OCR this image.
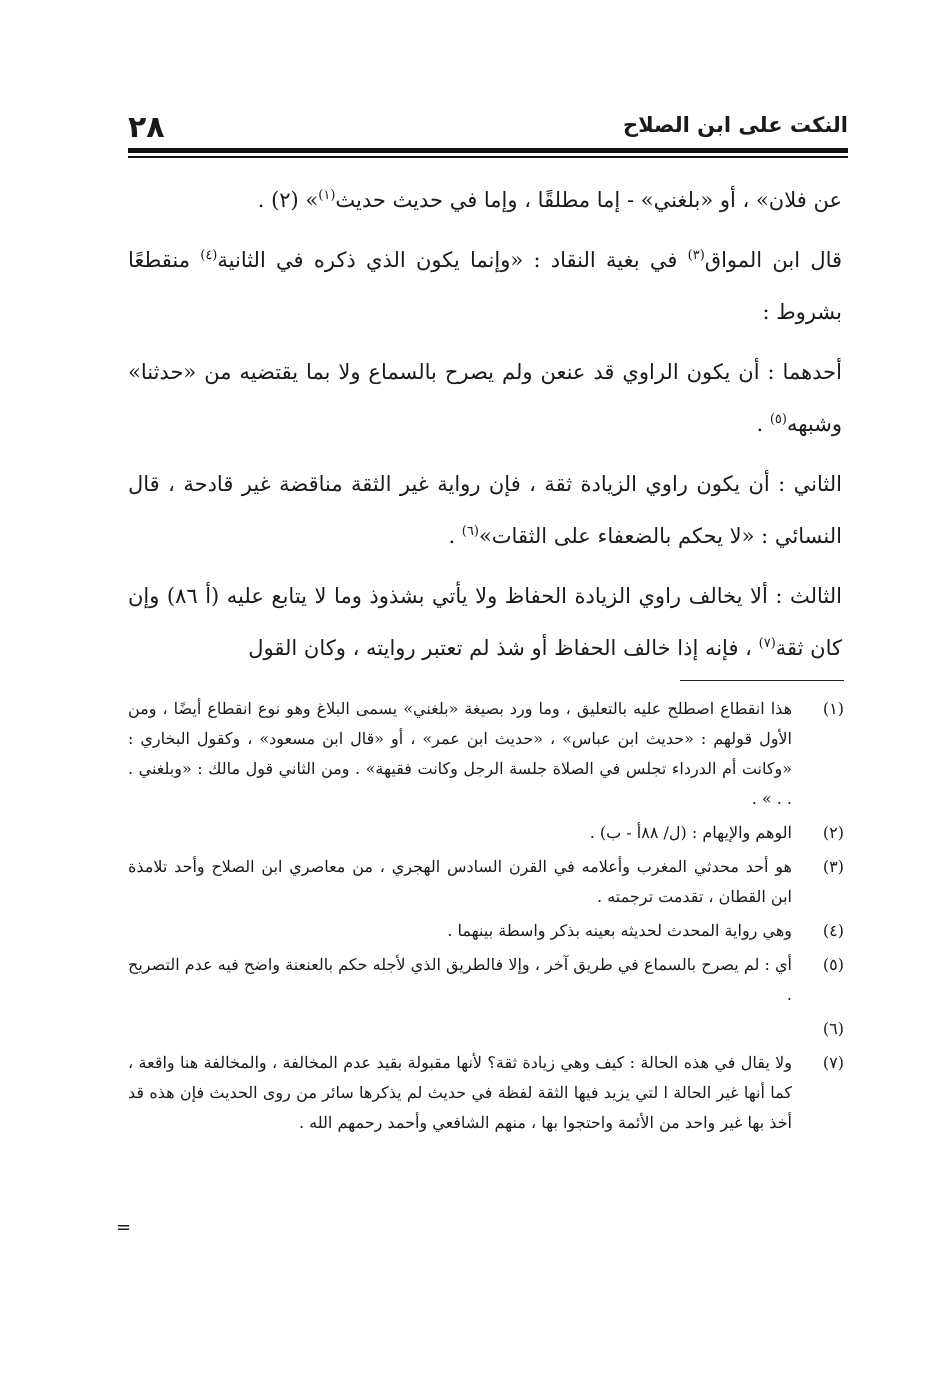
٢٨	النكت على ابن الصلاح

عن فلان» ، أو «بلغني» - إما مطلقًا ، وإما في حديث حديث$^{(١)}$» (٢) .

قال ابن المواق$^{(٣)}$ في بغية النقاد : «وإنما يكون الذي ذكره في الثانية$^{(٤)}$ منقطعًا بشروط :

أحدهما : أن يكون الراوي قد عنعن ولم يصرح بالسماع ولا بما يقتضيه من «حدثنا» وشبهه$^{(٥)}$ .

الثاني : أن يكون راوي الزيادة ثقة ، فإن رواية غير الثقة مناقضة غير قادحة ، قال النسائي : «لا يحكم بالضعفاء على الثقات»$^{(٦)}$ .

الثالث : ألا يخالف راوي الزيادة الحفاظ ولا يأتي بشذوذ وما لا يتابع عليه (أ ٨٦) وإن كان ثقة$^{(٧)}$ ، فإنه إذا خالف الحفاظ أو شذ لم تعتبر روايته ، وكان القول

(١)
هذا انقطاع اصطلح عليه بالتعليق ، وما ورد بصيغة «بلغني» يسمى البلاغ وهو نوع انقطاع أيضًا ، ومن الأول قولهم : «حديث ابن عباس» ، «حديث ابن عمر» ، أو «قال ابن مسعود» ، وكقول البخاري : «وكانت أم الدرداء تجلس في الصلاة جلسة الرجل وكانت فقيهة» . ومن الثاني قول مالك : «وبلغني . . . » .
(٢)
الوهم والإيهام : (ل/ ٨٨أ - ب) .
(٣)
هو أحد محدثي المغرب وأعلامه في القرن السادس الهجري ، من معاصري ابن الصلاح وأحد تلامذة ابن القطان ، تقدمت ترجمته .
(٤)
وهي رواية المحدث لحديثه بعينه بذكر واسطة بينهما .
(٥)
أي : لم يصرح بالسماع في طريق آخر ، وإلا فالطريق الذي لأجله حكم بالعنعنة واضح فيه عدم التصريح .
(٦)

(٧)
ولا يقال في هذه الحالة : كيف وهي زيادة ثقة؟ لأنها مقبولة بقيد عدم المخالفة ، والمخالفة هنا واقعة ، كما أنها غير الحالة ا لتي يزيد فيها الثقة لفظة في حديث لم يذكرها سائر من روى الحديث فإن هذه قد أخذ بها غير واحد من الأئمة واحتجوا بها ، منهم الشافعي وأحمد رحمهم الله .
=
